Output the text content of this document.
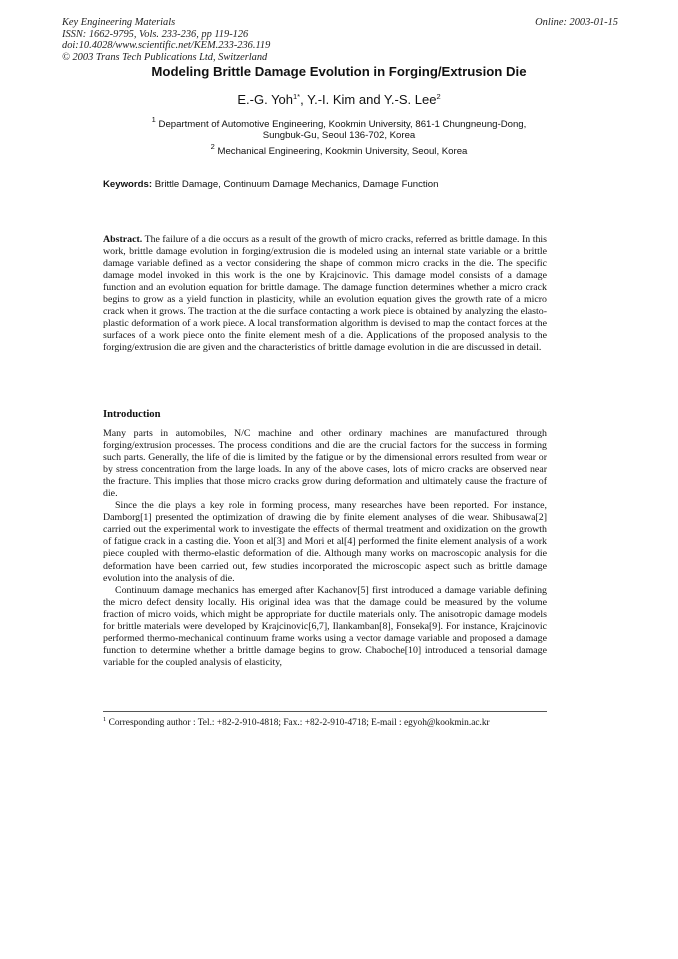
Key Engineering Materials
ISSN: 1662-9795, Vols. 233-236, pp 119-126
doi:10.4028/www.scientific.net/KEM.233-236.119
© 2003 Trans Tech Publications Ltd, Switzerland
Online: 2003-01-15
Modeling Brittle Damage Evolution in Forging/Extrusion Die
E.-G. Yoh$^{1*}$, Y.-I. Kim and Y.-S. Lee$^2$
$^1$ Department of Automotive Engineering, Kookmin University, 861-1 Chungneung-Dong,
Sungbuk-Gu, Seoul 136-702, Korea
$^2$ Mechanical Engineering, Kookmin University, Seoul, Korea
Keywords: Brittle Damage, Continuum Damage Mechanics, Damage Function
Abstract. The failure of a die occurs as a result of the growth of micro cracks, referred as brittle damage. In this work, brittle damage evolution in forging/extrusion die is modeled using an internal state variable or a brittle damage variable defined as a vector considering the shape of common micro cracks in the die. The specific damage model invoked in this work is the one by Krajcinovic. This damage model consists of a damage function and an evolution equation for brittle damage. The damage function determines whether a micro crack begins to grow as a yield function in plasticity, while an evolution equation gives the growth rate of a micro crack when it grows. The traction at the die surface contacting a work piece is obtained by analyzing the elasto-plastic deformation of a work piece. A local transformation algorithm is devised to map the contact forces at the surfaces of a work piece onto the finite element mesh of a die. Applications of the proposed analysis to the forging/extrusion die are given and the characteristics of brittle damage evolution in die are discussed in detail.
Introduction

Many parts in automobiles, N/C machine and other ordinary machines are manufactured through forging/extrusion processes. The process conditions and die are the crucial factors for the success in forming such parts. Generally, the life of die is limited by the fatigue or by the dimensional errors resulted from wear or by stress concentration from the large loads. In any of the above cases, lots of micro cracks are observed near the fracture. This implies that those micro cracks grow during deformation and ultimately cause the fracture of die.

Since the die plays a key role in forming process, many researches have been reported. For instance, Damborg[1] presented the optimization of drawing die by finite element analyses of die wear. Shibusawa[2] carried out the experimental work to investigate the effects of thermal treatment and oxidization on the growth of fatigue crack in a casting die. Yoon et al[3] and Mori et al[4] performed the finite element analysis of a work piece coupled with thermo-elastic deformation of die. Although many works on macroscopic analysis for die deformation have been carried out, few studies incorporated the microscopic aspect such as brittle damage evolution into the analysis of die.

Continuum damage mechanics has emerged after Kachanov[5] first introduced a damage variable defining the micro defect density locally. His original idea was that the damage could be measured by the volume fraction of micro voids, which might be appropriate for ductile materials only. The anisotropic damage models for brittle materials were developed by Krajcinovic[6,7], Ilankamban[8], Fonseka[9]. For instance, Krajcinovic performed thermo-mechanical continuum frame works using a vector damage variable and proposed a damage function to determine whether a brittle damage begins to grow. Chaboche[10] introduced a tensorial damage variable for the coupled analysis of elasticity,

$^1$ Corresponding author : Tel.: +82-2-910-4818; Fax.: +82-2-910-4718; E-mail : egyoh@kookmin.ac.kr
